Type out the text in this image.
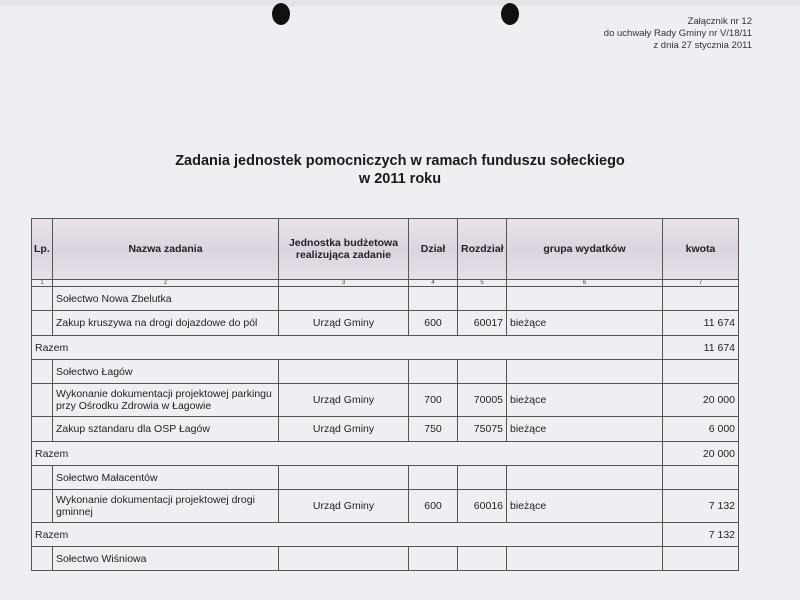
Załącznik nr 12
do uchwały Rady Gminy nr V/18/11
z dnia 27 stycznia 2011
Zadania jednostek pomocniczych w ramach funduszu sołeckiego
w 2011 roku
Lp.	Nazwa zadania	Jednostka budżetowa realizująca zadanie	Dział	Rozdział	grupa wydatków	kwota
1	2	3	4	5	6	7
	Sołectwo Nowa Zbelutka					
	Zakup kruszywa na drogi dojazdowe do pól	Urząd Gminy	600	60017	bieżące	11 674
Razem						11 674
	Sołectwo Łagów					
	Wykonanie dokumentacji projektowej parkingu przy Ośrodku Zdrowia w Łagowie	Urząd Gminy	700	70005	bieżące	20 000
	Zakup sztandaru dla OSP Łagów	Urząd Gminy	750	75075	bieżące	6 000
Razem						20 000
	Sołectwo Małacentów					
	Wykonanie dokumentacji projektowej drogi gminnej	Urząd Gminy	600	60016	bieżące	7 132
Razem						7 132
	Sołectwo Wiśniowa					
